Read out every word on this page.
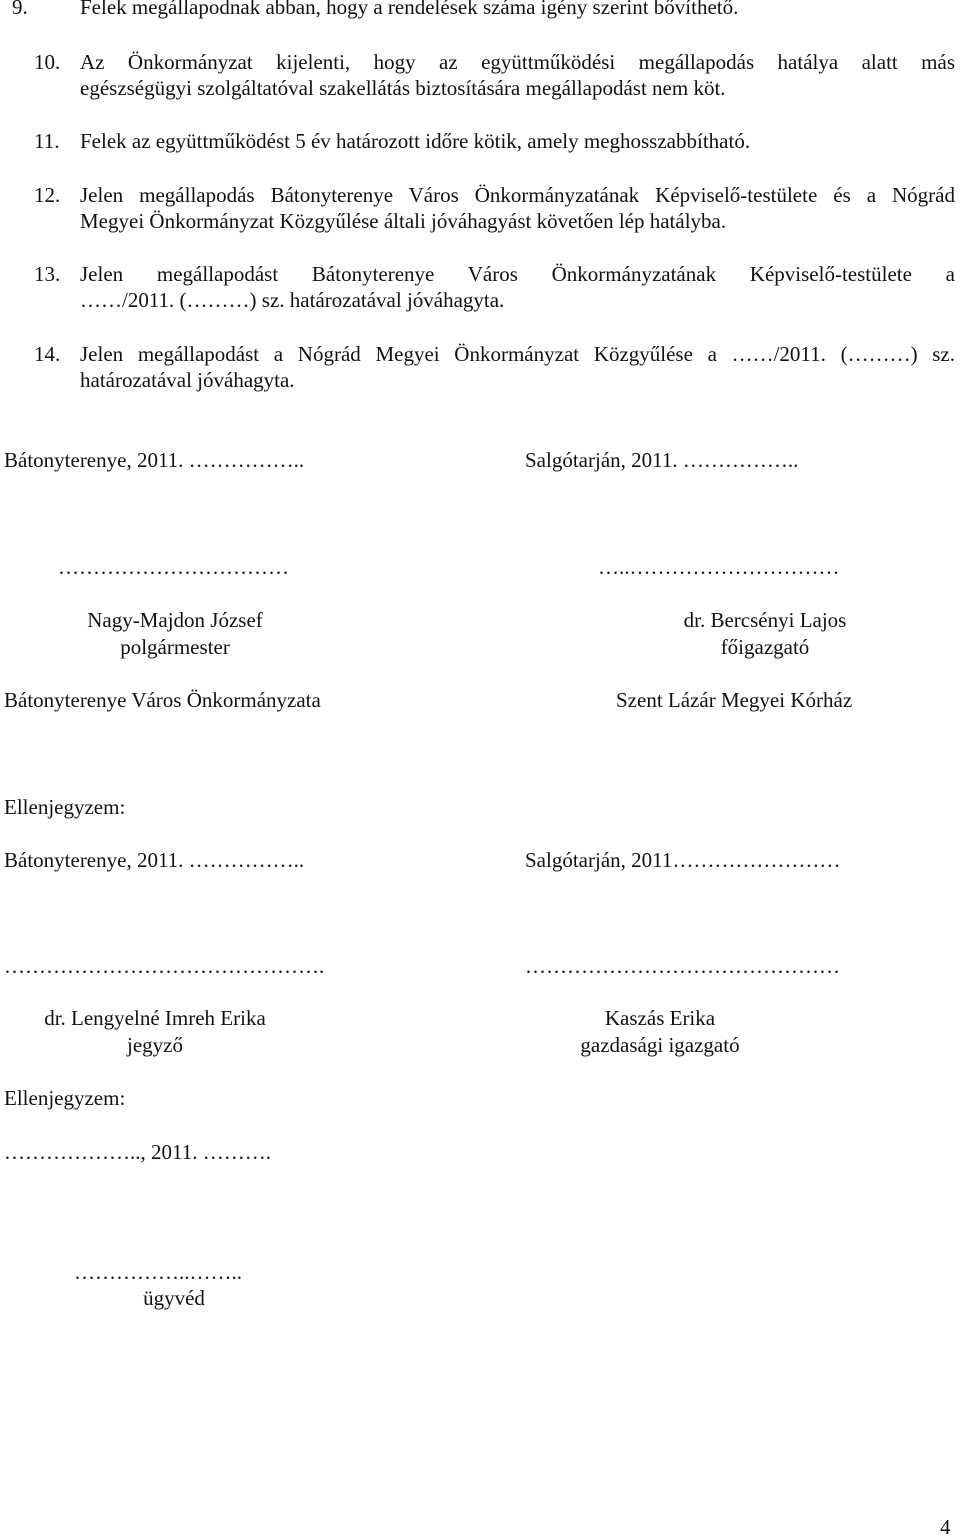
9. Felek megállapodnak abban, hogy a rendelések száma igény szerint bővíthető.
10. Az Önkormányzat kijelenti, hogy az együttműködési megállapodás hatálya alatt más
egészségügyi szolgáltatóval szakellátás biztosítására megállapodást nem köt.
11. Felek az együttműködést 5 év határozott időre kötik, amely meghosszabbítható.
12. Jelen megállapodás Bátonyterenye Város Önkormányzatának Képviselő-testülete és a Nógrád
Megyei Önkormányzat Közgyűlése általi jóváhagyást követően lép hatályba.
13. Jelen megállapodást Bátonyterenye Város Önkormányzatának Képviselő-testülete a
……/2011. (………) sz. határozatával jóváhagyta.
14. Jelen megállapodást a Nógrád Megyei Önkormányzat Közgyűlése a ……/2011. (………) sz.
határozatával jóváhagyta.
Bátonyterenye, 2011. ……………..	Salgótarján, 2011. ……………..
……………………………	…..…………………………
Nagy-Majdon József
polgármester
dr. Bercsényi Lajos
főigazgató
Bátonyterenye Város Önkormányzata	Szent Lázár Megyei Kórház
Ellenjegyzem:
Bátonyterenye, 2011. ……………..	Salgótarján, 2011……………………
……………………………………….	………………………………………
dr. Lengyelné Imreh Erika
jegyző
Kaszás Erika
gazdasági igazgató
Ellenjegyzem:
……………….., 2011. ……….
……………..……..
ügyvéd
4
